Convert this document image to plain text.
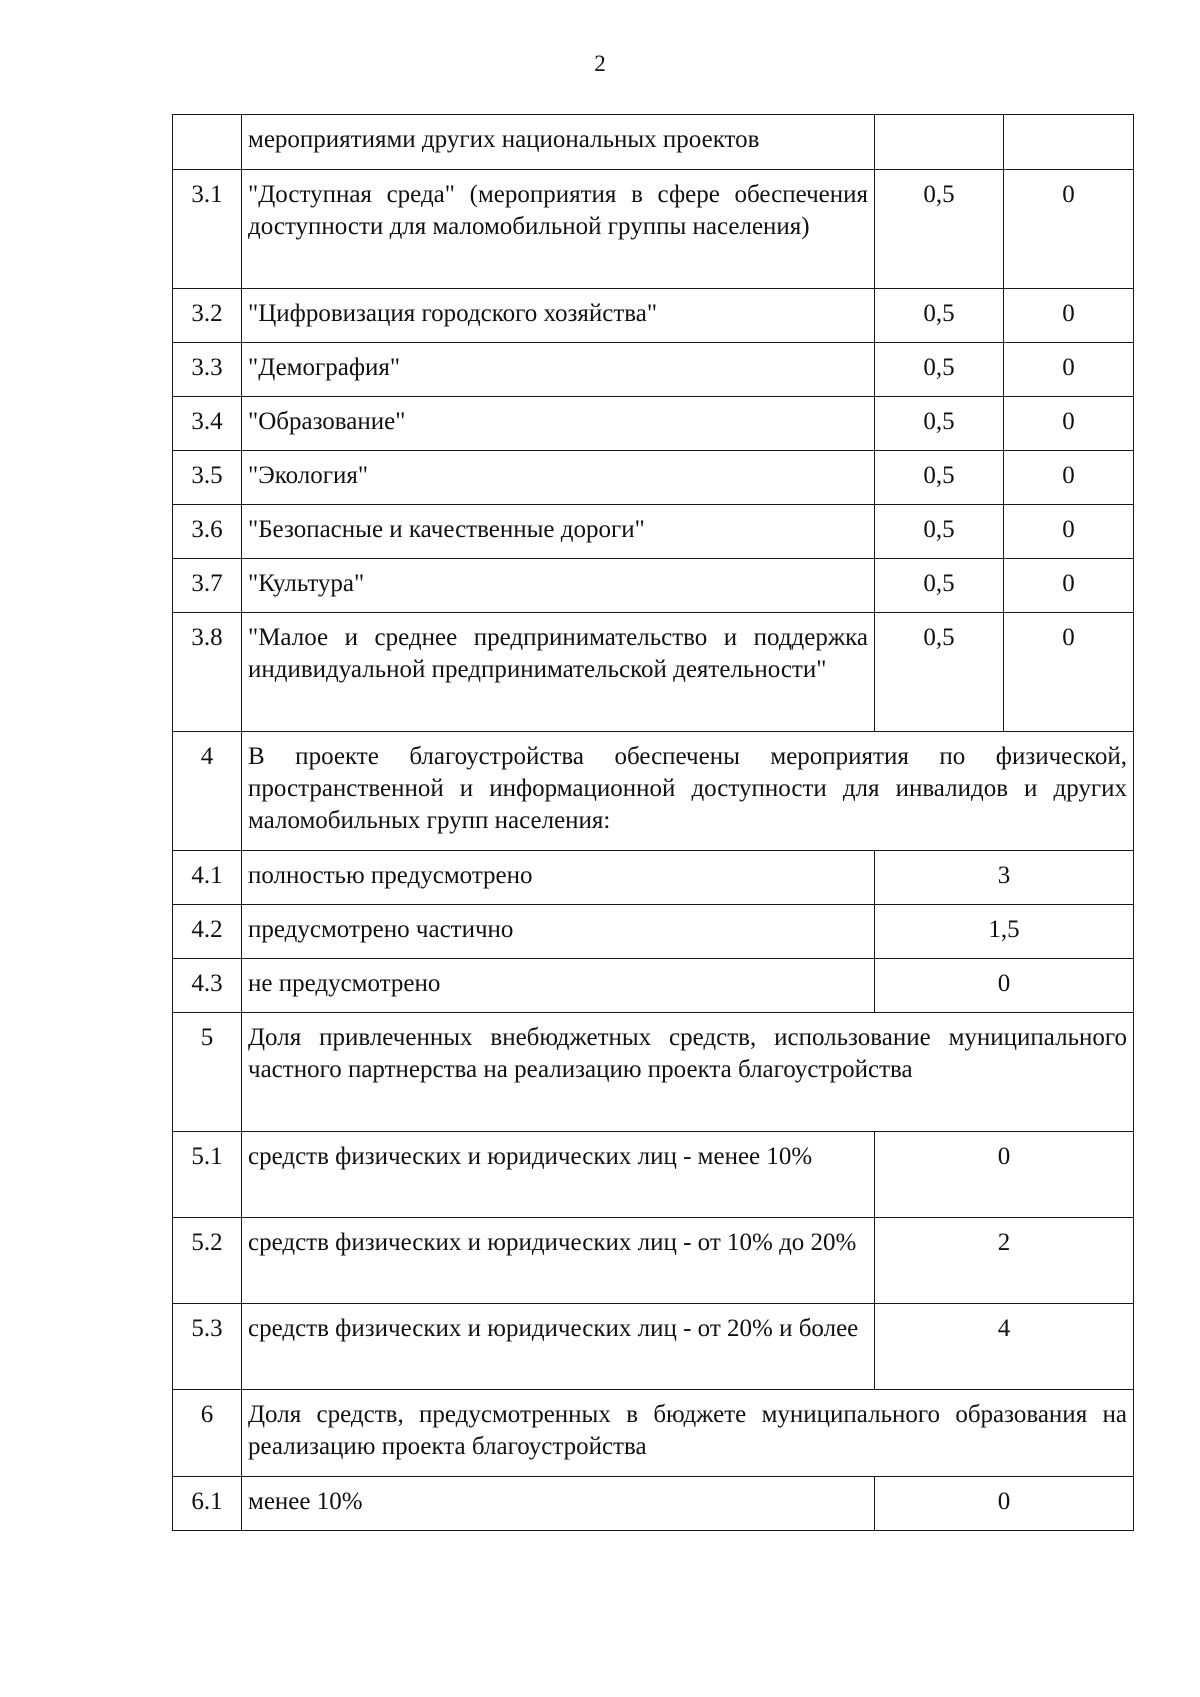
2
	мероприятиями других национальных проектов		
3.1	"Доступная среда" (мероприятия в сфере обеспечения доступности для маломобильной группы населения)	0,5	0
3.2	"Цифровизация городского хозяйства"	0,5	0
3.3	"Демография"	0,5	0
3.4	"Образование"	0,5	0
3.5	"Экология"	0,5	0
3.6	"Безопасные и качественные дороги"	0,5	0
3.7	"Культура"	0,5	0
3.8	"Малое и среднее предпринимательство и поддержка индивидуальной предпринимательской деятельности"	0,5	0
4	В проекте благоустройства обеспечены мероприятия по физической, пространственной и информационной доступности для инвалидов и других маломобильных групп населения:		
4.1	полностью предусмотрено	3	
4.2	предусмотрено частично	1,5	
4.3	не предусмотрено	0	
5	Доля привлеченных внебюджетных средств, использование муниципального частного партнерства на реализацию проекта благоустройства		
5.1	средств физических и юридических лиц - менее 10%	0	
5.2	средств физических и юридических лиц - от 10% до 20%	2	
5.3	средств физических и юридических лиц - от 20% и более	4	
6	Доля средств, предусмотренных в бюджете муниципального образования на реализацию проекта благоустройства		
6.1	менее 10%	0	
